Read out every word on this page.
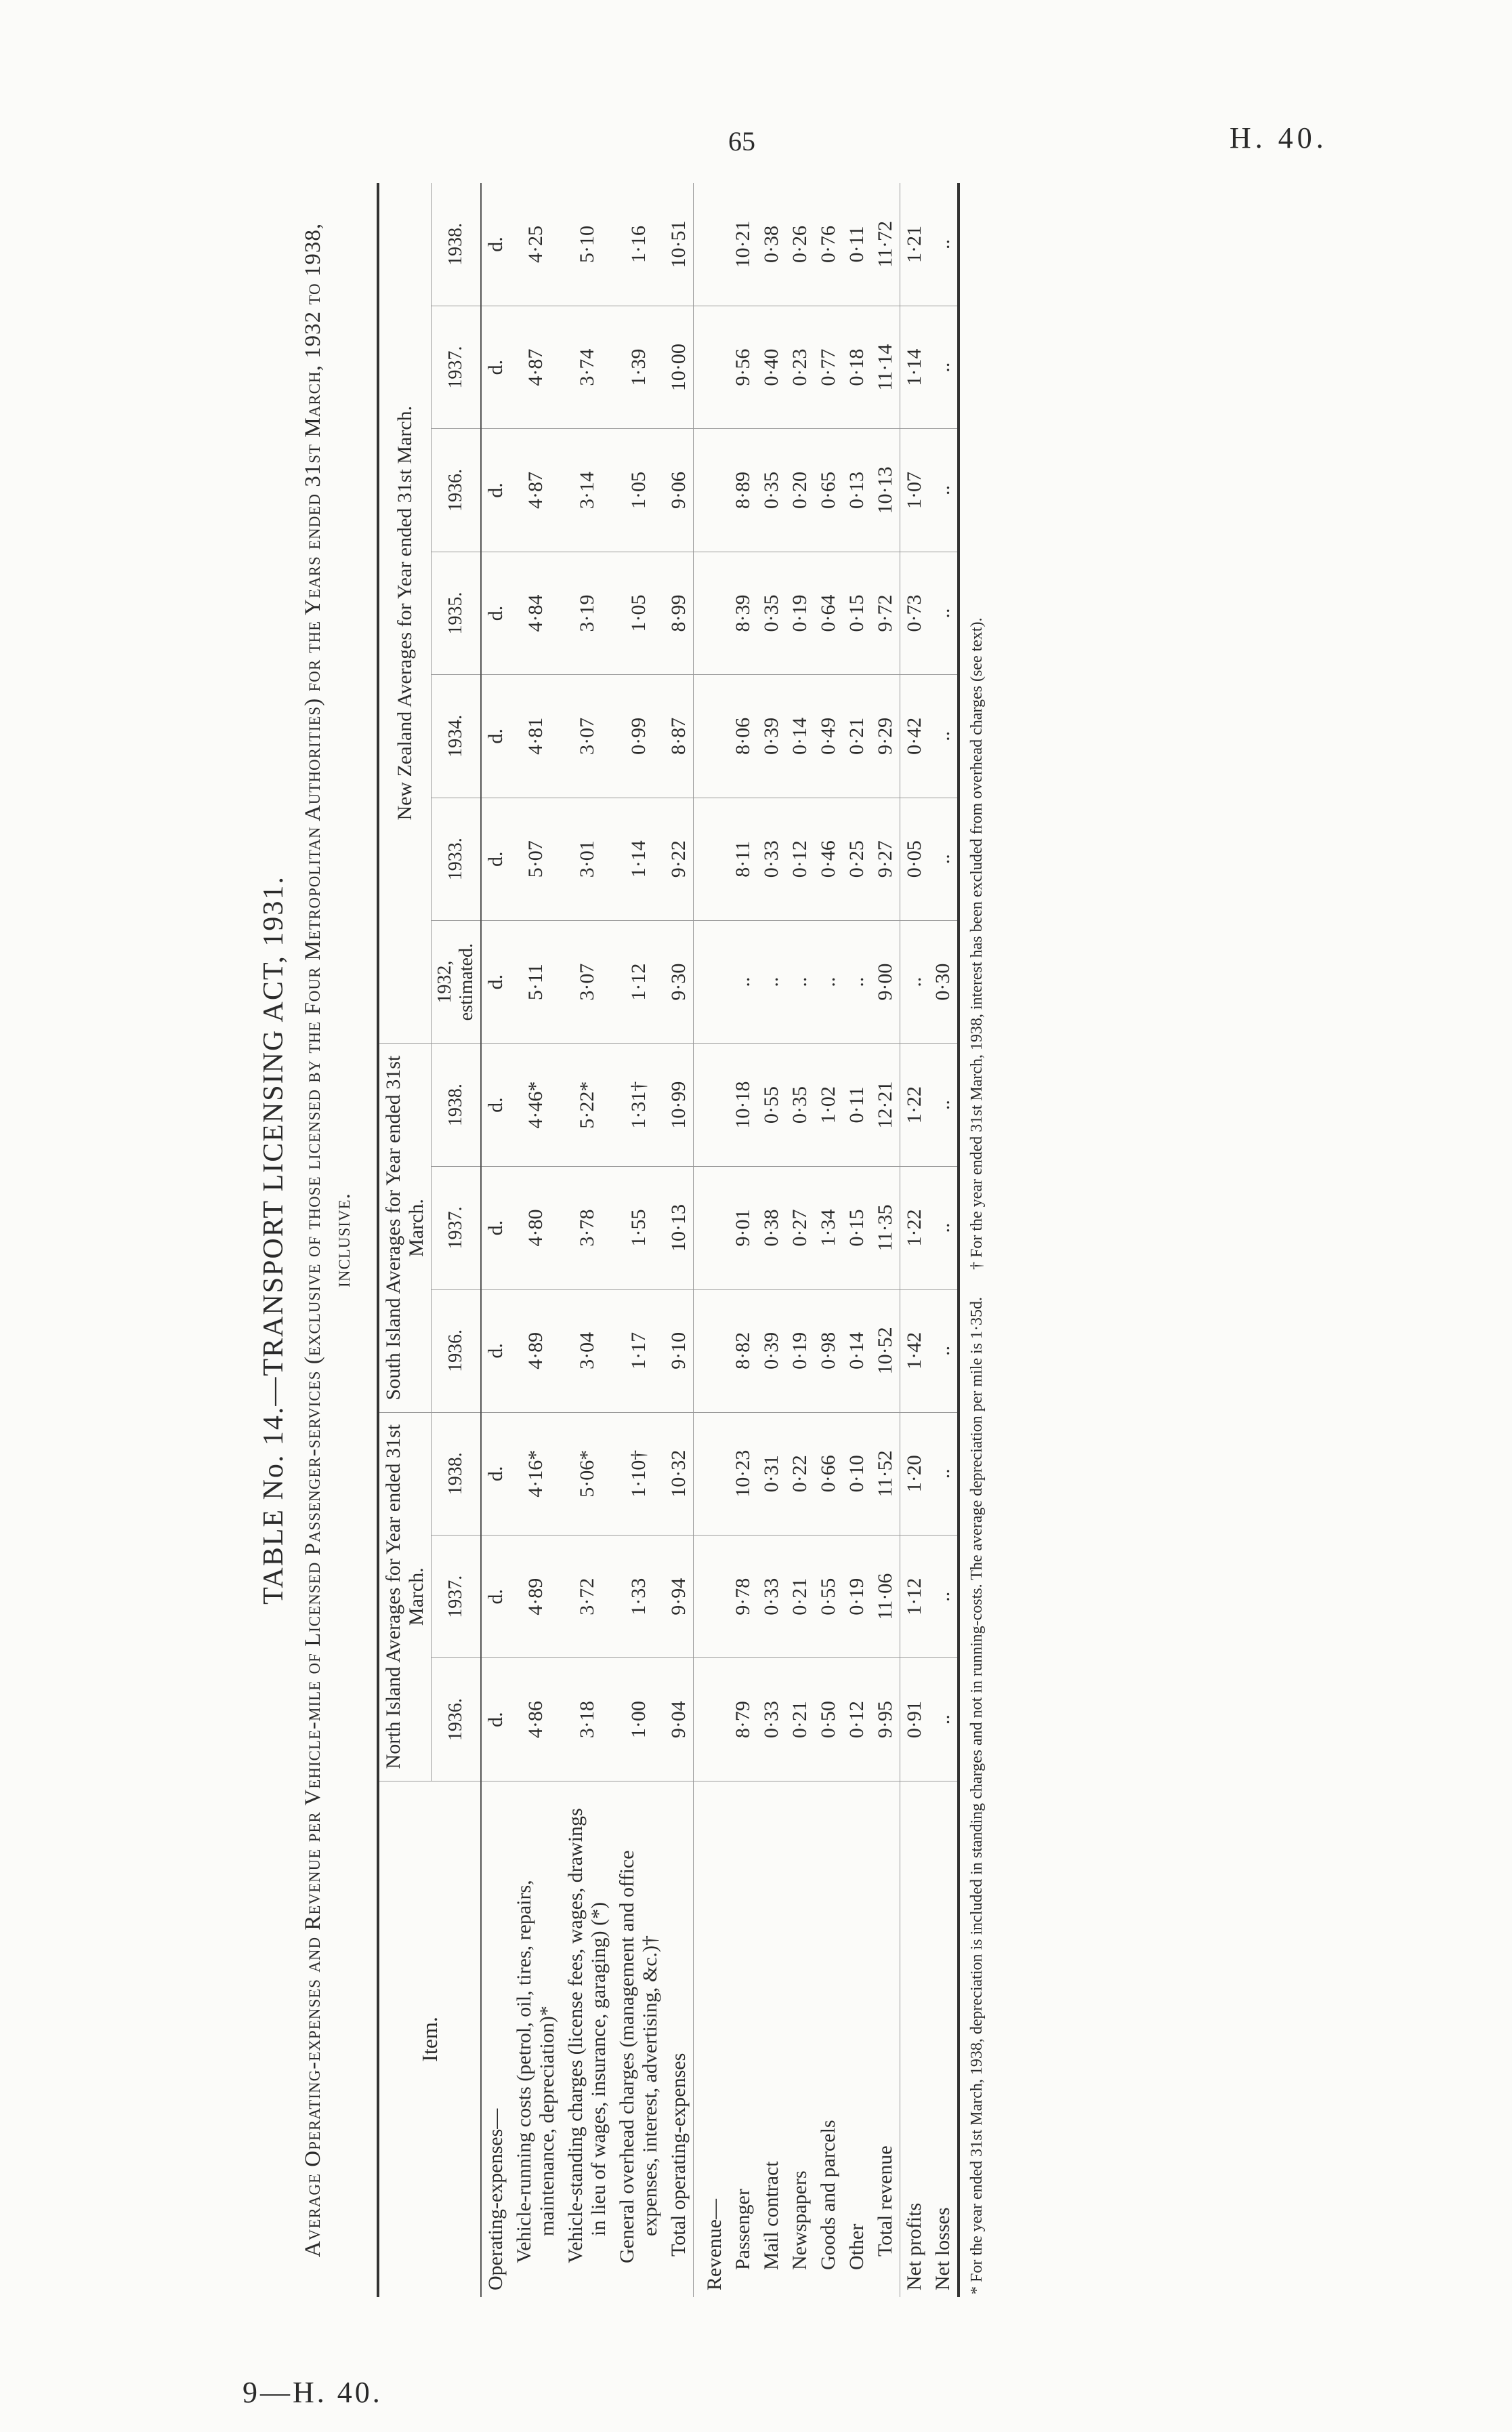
65	H. 40.
9—H. 40.
TABLE No. 14.—TRANSPORT LICENSING ACT, 1931. Average Operating-expenses and Revenue per Vehicle-mile of Licensed Passenger-services (exclusive of those licensed by the Four Metropolitan Authorities) for the Years ended 31st March, 1932 to 1938, inclusive.
Item.	North Island Averages for Year ended 31st March.			South Island Averages for Year ended 31st March.			New Zealand Averages for Year ended 31st March.						
	1936.	1937.	1938.	1936.	1937.	1938.	1932, estimated.	1933.	1934.	1935.	1936.	1937.	1938.
Operating-expenses—	d.	d.	d.	d.	d.	d.	d.	d.	d.	d.	d.	d.	d.
Vehicle-running costs (petrol, oil, tires, repairs, maintenance, depreciation)*	4·86	4·89	4·16*	4·89	4·80	4·46*	5·11	5·07	4·81	4·84	4·87	4·87	4·25
Vehicle-standing charges (license fees, wages, drawings in lieu of wages, insurance, garaging) (*)	3·18	3·72	5·06*	3·04	3·78	5·22*	3·07	3·01	3·07	3·19	3·14	3·74	5·10
General overhead charges (management and office expenses, interest, advertising, &c.)†	1·00	1·33	1·10†	1·17	1·55	1·31†	1·12	1·14	0·99	1·05	1·05	1·39	1·16
Total operating-expenses	9·04	9·94	10·32	9·10	10·13	10·99	9·30	9·22	8·87	8·99	9·06	10·00	10·51
Revenue—													
Passenger	8·79	9·78	10·23	8·82	9·01	10·18	..	8·11	8·06	8·39	8·89	9·56	10·21
Mail contract	0·33	0·33	0·31	0·39	0·38	0·55	..	0·33	0·39	0·35	0·35	0·40	0·38
Newspapers	0·21	0·21	0·22	0·19	0·27	0·35	..	0·12	0·14	0·19	0·20	0·23	0·26
Goods and parcels	0·50	0·55	0·66	0·98	1·34	1·02	..	0·46	0·49	0·64	0·65	0·77	0·76
Other	0·12	0·19	0·10	0·14	0·15	0·11	..	0·25	0·21	0·15	0·13	0·18	0·11
Total revenue	9·95	11·06	11·52	10·52	11·35	12·21	9·00	9·27	9·29	9·72	10·13	11·14	11·72
Net profits	0·91	1·12	1·20	1·42	1·22	1·22	..	0·05	0·42	0·73	1·07	1·14	1·21
Net losses	..	..	..	..	..	..	0·30	..	..	..	..	..	..
* For the year ended 31st March, 1938, depreciation is included in standing charges and not in running-costs. The average depreciation per mile is 1·35d.
† For the year ended 31st March, 1938, interest has been excluded from overhead charges (see text).
